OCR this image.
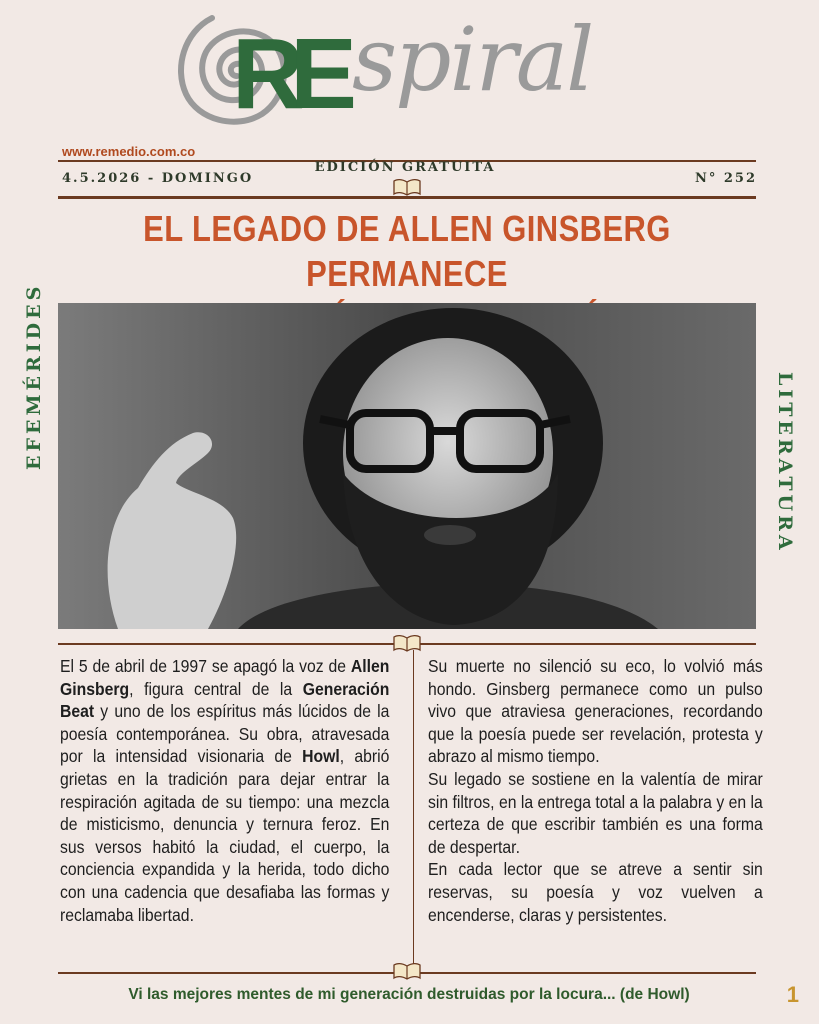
RE spiral
www.remedio.com.co
EDICIÓN GRATUITA
4.5.2026 - DOMINGO	N° 252
EL LEGADO DE ALLEN GINSBERG PERMANECE
EFEMÉRIDES	LITERATURA

El 5 de abril de 1997 se apagó la voz de Allen Ginsberg, figura central de la Generación Beat y uno de los espíritus más lúcidos de la poesía contemporánea. Su obra, atravesada por la intensidad visionaria de Howl, abrió grietas en la tradición para dejar entrar la respiración agitada de su tiempo: una mezcla de misticismo, denuncia y ternura feroz. En sus versos habitó la ciudad, el cuerpo, la conciencia expandida y la herida, todo dicho con una cadencia que desafiaba las formas y reclamaba libertad.

Su muerte no silenció su eco, lo volvió más hondo. Ginsberg permanece como un pulso vivo que atraviesa generaciones, recordando que la poesía puede ser revelación, protesta y abrazo al mismo tiempo.

Su legado se sostiene en la valentía de mirar sin filtros, en la entrega total a la palabra y en la certeza de que escribir también es una forma de despertar.

En cada lector que se atreve a sentir sin reservas, su poesía y voz vuelven a encenderse, claras y persistentes.

Vi las mejores mentes de mi generación destruidas por la locura... (de Howl)	1
